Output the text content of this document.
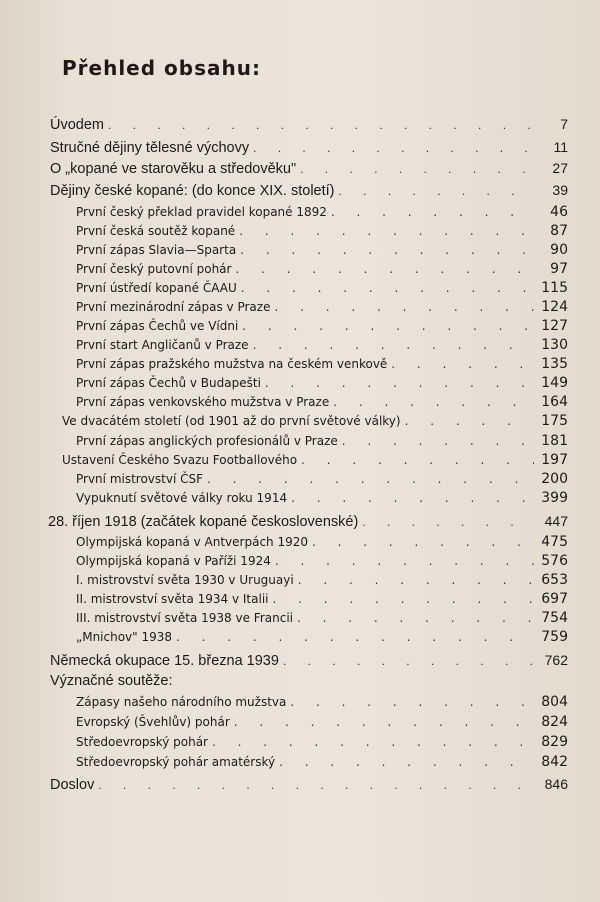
Přehled obsahu:
Úvodem . . .	7
Stručné dějiny tělesné výchovy . . .	11
O „kopané ve starověku a středověku" . . .	27
Dějiny české kopané: (do konce XIX. století) . . .	39
První český překlad pravidel kopané 1892 . . .	46
První česká soutěž kopané . . .	87
První zápas Slavia—Sparta . . .	90
První český putovní pohár . . .	97
První ústředí kopané ČAAU . . .	115
První mezinárodní zápas v Praze . . .	124
První zápas Čechů ve Vídni . . .	127
První start Angličanů v Praze . . .	130
První zápas pražského mužstva na českém venkově . . .	135
První zápas Čechů v Budapešti . . .	149
První zápas venkovského mužstva v Praze . . .	164
Ve dvacátém století (od 1901 až do první světové války) . . .	175
První zápas anglických profesionálů v Praze . . .	181
Ustavení Českého Svazu Footballového . . .	197
První mistrovství ČSF . . .	200
Vypuknutí světové války roku 1914 . . .	399
28. říjen 1918 (začátek kopané československé) . . .	447
Olympijská kopaná v Antverpách 1920 . . .	475
Olympijská kopaná v Paříži 1924 . . .	576
I. mistrovství světa 1930 v Uruguayi . . .	653
II. mistrovství světa 1934 v Italii . . .	697
III. mistrovství světa 1938 ve Francii . . .	754
„Mnichov" 1938 . . .	759
Německá okupace 15. března 1939 . . .	762
Význačné soutěže:
Zápasy našeho národního mužstva . . .	804
Evropský (Švehlův) pohár . . .	824
Středoevropský pohár . . .	829
Středoevropský pohár amatérský . . .	842
Doslov . . .	846
